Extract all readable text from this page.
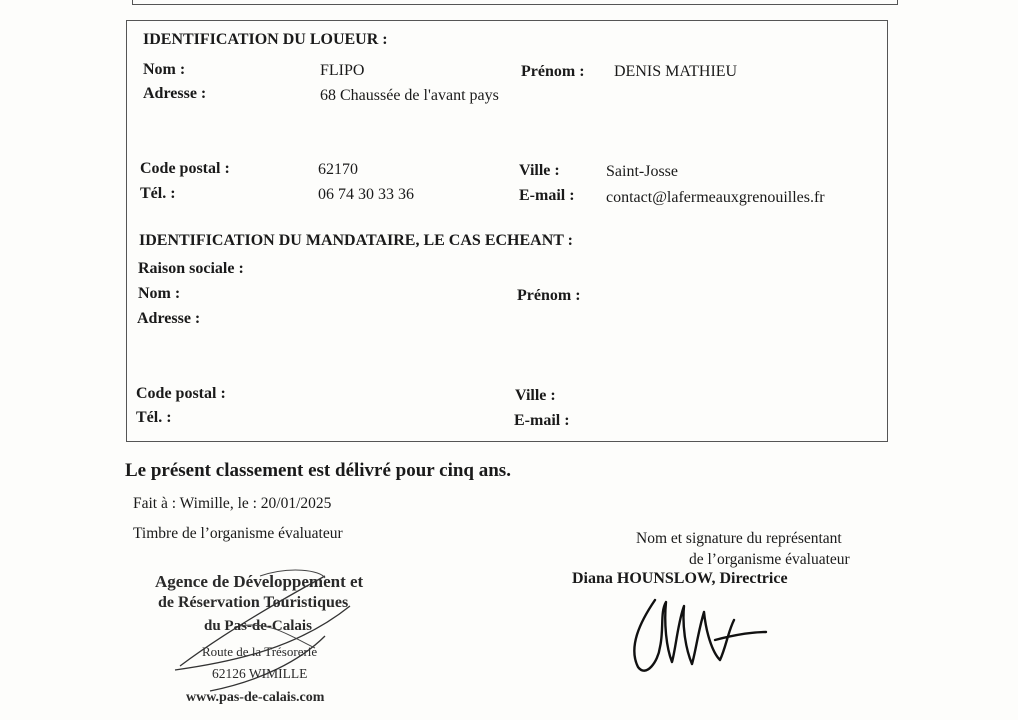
IDENTIFICATION DU LOUEUR :
Nom :	FLIPO	Prénom : DENIS MATHIEU
Adresse :	68 Chaussée de l'avant pays
Code postal :	62170	Ville :	Saint-Josse
Tél. :	06 74 30 33 36	E-mail : contact@lafermeauxgrenouilles.fr
IDENTIFICATION DU MANDATAIRE, LE CAS ECHEANT :
Raison sociale :
Nom :	Prénom :
Adresse :
Code postal :	Ville :
Tél. :	E-mail :
Le présent classement est délivré pour cinq ans.
Fait à : Wimille, le : 20/01/2025
Timbre de l’organisme évaluateur	Nom et signature du représentant
de l’organisme évaluateur
Diana HOUNSLOW, Directrice
Agence de Développement et
de Réservation Touristiques
du Pas-de-Calais
Route de la Trésorerie
62126 WIMILLE
www.pas-de-calais.com
